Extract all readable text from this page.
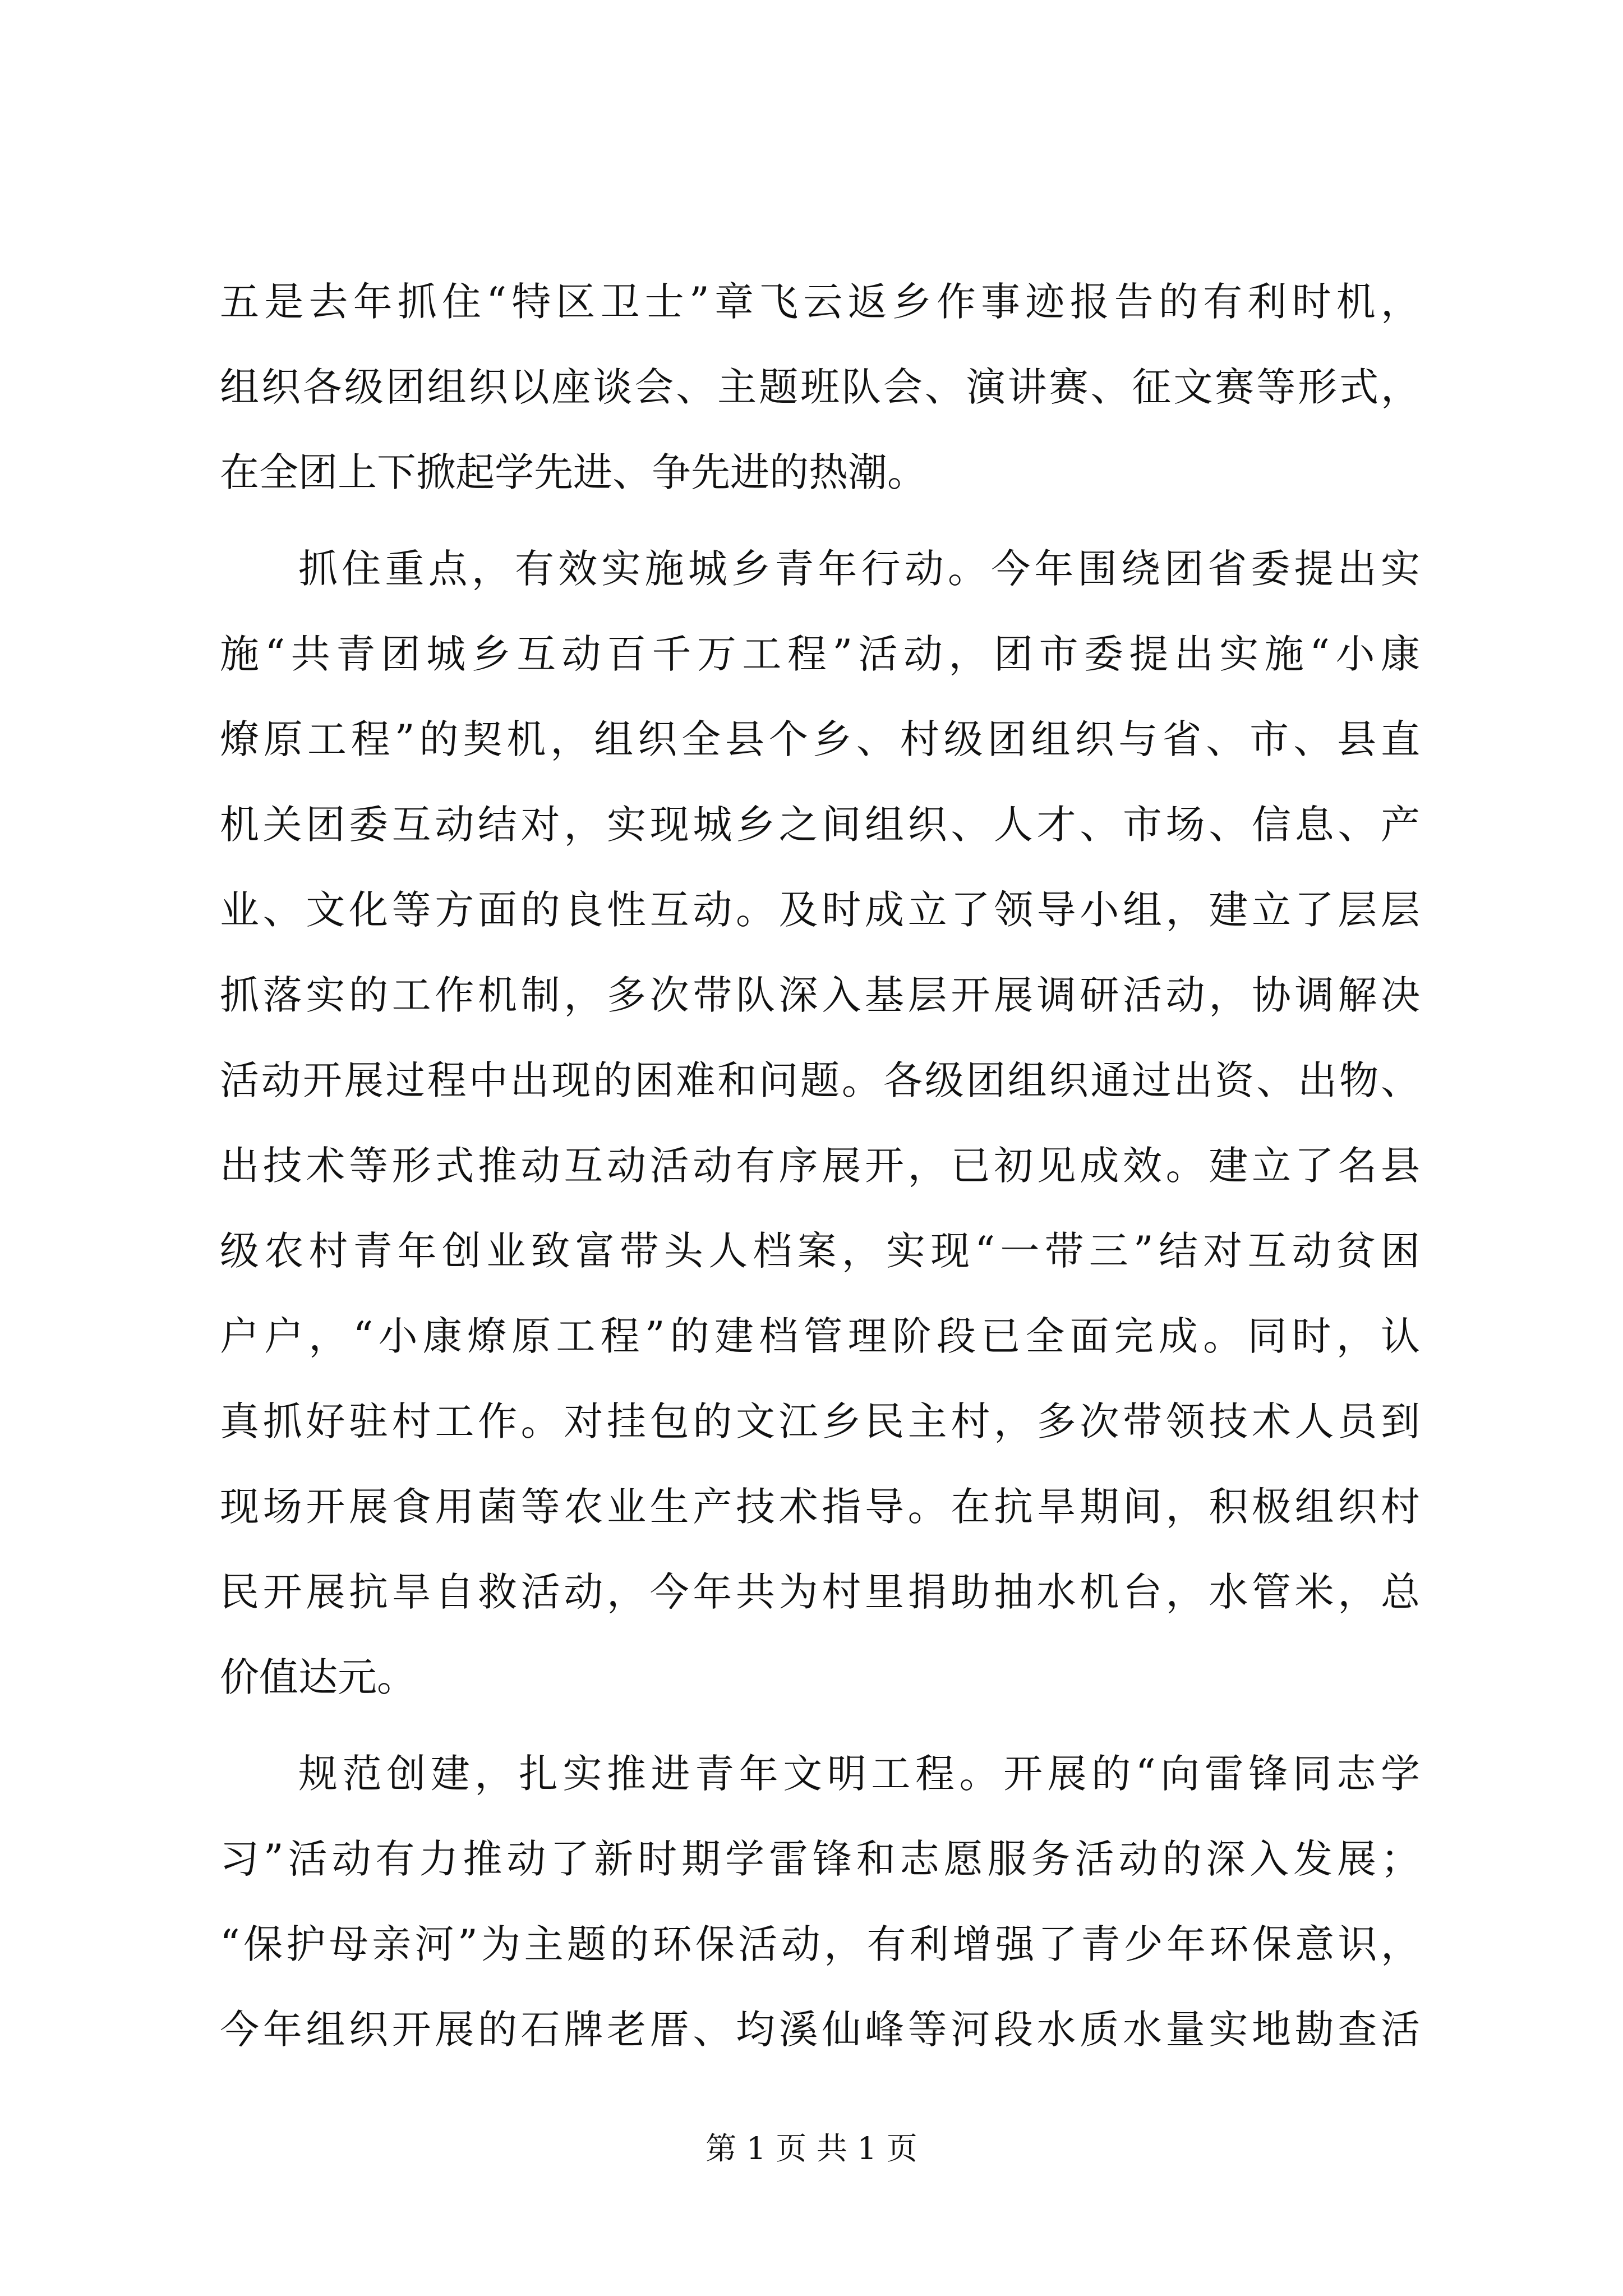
五是去年抓住“特区卫士”章飞云返乡作事迹报告的有利时机，
组织各级团组织以座谈会、主题班队会、演讲赛、征文赛等形式，
在全团上下掀起学先进、争先进的热潮。
抓住重点，有效实施城乡青年行动。今年围绕团省委提出实
施“共青团城乡互动百千万工程”活动，团市委提出实施“小康
燎原工程”的契机，组织全县个乡、村级团组织与省、市、县直
机关团委互动结对，实现城乡之间组织、人才、市场、信息、产
业、文化等方面的良性互动。及时成立了领导小组，建立了层层
抓落实的工作机制，多次带队深入基层开展调研活动，协调解决
活动开展过程中出现的困难和问题。各级团组织通过出资、出物、
出技术等形式推动互动活动有序展开，已初见成效。建立了名县
级农村青年创业致富带头人档案，实现“一带三”结对互动贫困
户户，“小康燎原工程”的建档管理阶段已全面完成。同时，认
真抓好驻村工作。对挂包的文江乡民主村，多次带领技术人员到
现场开展食用菌等农业生产技术指导。在抗旱期间，积极组织村
民开展抗旱自救活动，今年共为村里捐助抽水机台，水管米，总
价值达元。
规范创建，扎实推进青年文明工程。开展的“向雷锋同志学
习”活动有力推动了新时期学雷锋和志愿服务活动的深入发展；
“保护母亲河”为主题的环保活动，有利增强了青少年环保意识，
今年组织开展的石牌老厝、均溪仙峰等河段水质水量实地勘查活
第 1 页 共 1 页
